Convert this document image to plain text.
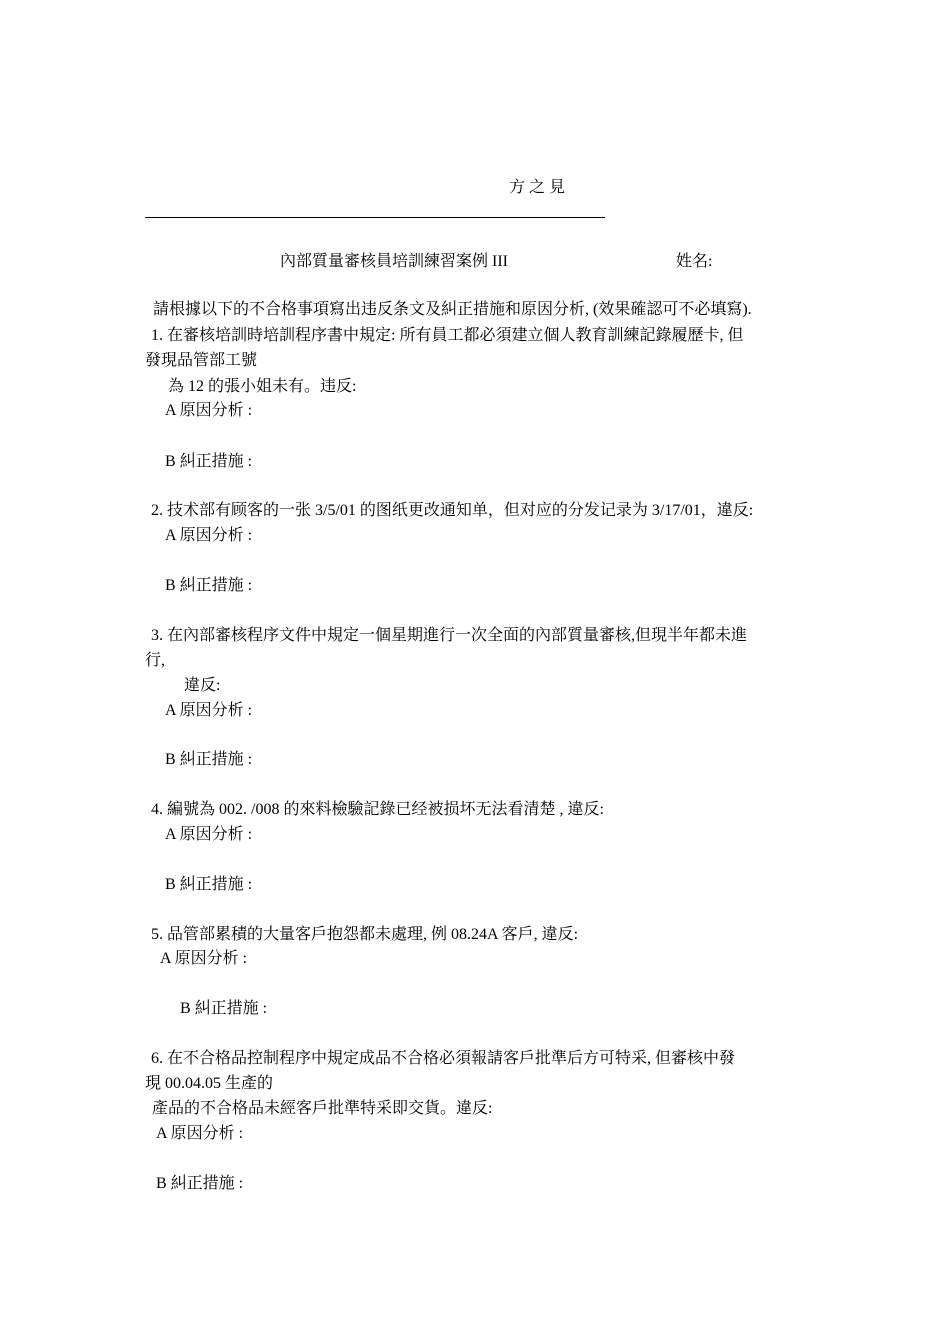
方 之 見
內部質量審核員培訓練習案例 III	姓名:
請根據以下的不合格事項寫出违反条文及糾正措施和原因分析, (效果確認可不必填寫).
1. 在審核培訓時培訓程序書中規定: 所有員工都必須建立個人教育訓練記錄履歷卡, 但
發現品管部工號
為 12 的張小姐未有。违反:
A 原因分析 :
B 糾正措施 :
2. 技术部有顾客的一张 3/5/01 的图纸更改通知单，但对应的分发记录为 3/17/01，違反:
A 原因分析 :
B 糾正措施 :
3. 在內部審核程序文件中規定一個星期進行一次全面的內部質量審核,但現半年都未進
行,
違反:
A 原因分析 :
B 糾正措施 :
4. 編號為 002. /008 的來料檢驗記錄已经被损坏无法看清楚 , 違反:
A 原因分析 :
B 糾正措施 :
5. 品管部累積的大量客戶抱怨都未處理, 例 08.24A 客戶, 違反:
A 原因分析 :
B 糾正措施 :
6. 在不合格品控制程序中規定成品不合格必須報請客戶批準后方可特采, 但審核中發
現 00.04.05 生產的
產品的不合格品未經客戶批準特采即交貨。違反:
A 原因分析 :
B 糾正措施 :
